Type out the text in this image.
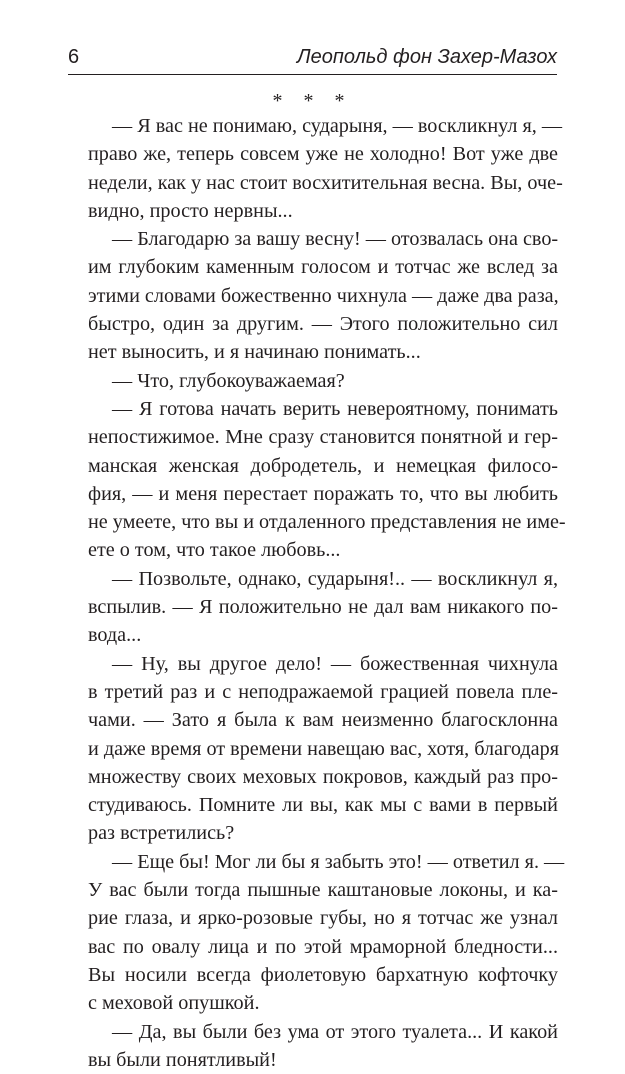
6	Леопольд фон Захер-Мазох
* * *
— Я вас не понимаю, сударыня, — воскликнул я, —
право же, теперь совсем уже не холодно! Вот уже две
недели, как у нас стоит восхитительная весна. Вы, оче-
видно, просто нервны...
— Благодарю за вашу весну! — отозвалась она сво-
им глубоким каменным голосом и тотчас же вслед за
этими словами божественно чихнула — даже два раза,
быстро, один за другим. — Этого положительно сил
нет выносить, и я начинаю понимать...
— Что, глубокоуважаемая?
— Я готова начать верить невероятному, понимать
непостижимое. Мне сразу становится понятной и гер-
манская женская добродетель, и немецкая филосо-
фия, — и меня перестает поражать то, что вы любить
не умеете, что вы и отдаленного представления не име-
ете о том, что такое любовь...
— Позвольте, однако, сударыня!.. — воскликнул я,
вспылив. — Я положительно не дал вам никакого по-
вода...
— Ну, вы другое дело! — божественная чихнула
в третий раз и с неподражаемой грацией повела пле-
чами. — Зато я была к вам неизменно благосклонна
и даже время от времени навещаю вас, хотя, благодаря
множеству своих меховых покровов, каждый раз про-
студиваюсь. Помните ли вы, как мы с вами в первый
раз встретились?
— Еще бы! Мог ли бы я забыть это! — ответил я. —
У вас были тогда пышные каштановые локоны, и ка-
рие глаза, и ярко-розовые губы, но я тотчас же узнал
вас по овалу лица и по этой мраморной бледности...
Вы носили всегда фиолетовую бархатную кофточку
с меховой опушкой.
— Да, вы были без ума от этого туалета... И какой
вы были понятливый!
